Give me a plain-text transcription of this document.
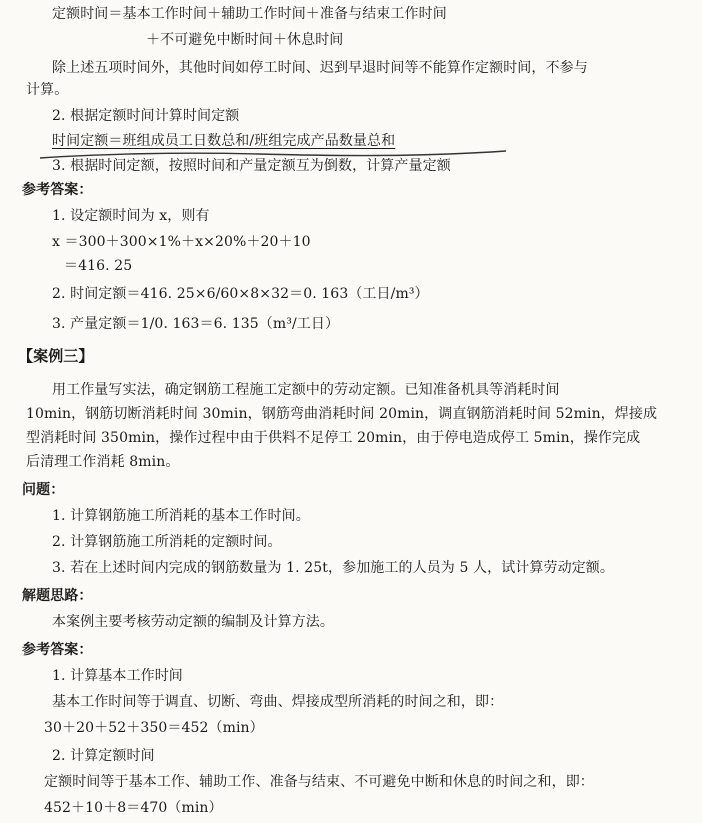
定额时间＝基本工作时间＋辅助工作时间＋准备与结束工作时间
＋不可避免中断时间＋休息时间
除上述五项时间外，其他时间如停工时间、迟到早退时间等不能算作定额时间，不参与
计算。
2. 根据定额时间计算时间定额
时间定额＝班组成员工日数总和/班组完成产品数量总和
3. 根据时间定额，按照时间和产量定额互为倒数，计算产量定额
参考答案：
1. 设定额时间为 x，则有
x ＝300＋300×1%＋x×20%＋20＋10
＝416. 25
2. 时间定额＝416. 25×6/60×8×32＝0. 163（工日/m³）
3. 产量定额＝1/0. 163＝6. 135（m³/工日）
【案例三】
用工作量写实法，确定钢筋工程施工定额中的劳动定额。已知准备机具等消耗时间
10min，钢筋切断消耗时间 30min，钢筋弯曲消耗时间 20min，调直钢筋消耗时间 52min，焊接成
型消耗时间 350min，操作过程中由于供料不足停工 20min，由于停电造成停工 5min，操作完成
后清理工作消耗 8min。
问题：
1. 计算钢筋施工所消耗的基本工作时间。
2. 计算钢筋施工所消耗的定额时间。
3. 若在上述时间内完成的钢筋数量为 1. 25t，参加施工的人员为 5 人，试计算劳动定额。
解题思路：
本案例主要考核劳动定额的编制及计算方法。
参考答案：
1. 计算基本工作时间
基本工作时间等于调直、切断、弯曲、焊接成型所消耗的时间之和，即：
30＋20＋52＋350＝452（min）
2. 计算定额时间
定额时间等于基本工作、辅助工作、准备与结束、不可避免中断和休息的时间之和，即：
452＋10＋8＝470（min）
